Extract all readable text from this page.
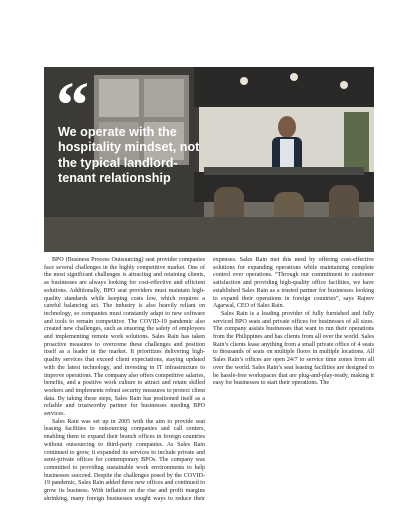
“
We operate with the hospitality mindset, not the typical landlord-tenant relationship

BPO (Business Process Outsourcing) seat provider companies face several challenges in the highly competitive market. One of the most significant challenges is attracting and retaining clients, as businesses are always looking for cost-effective and efficient solutions. Additionally, BPO seat providers must maintain high-quality standards while keeping costs low, which requires a careful balancing act. The industry is also heavily reliant on technology, so companies must constantly adapt to new software and tools to remain competitive. The COVID-19 pandemic also created new challenges, such as ensuring the safety of employees and implementing remote work solutions. Sales Rain has taken proactive measures to overcome these challenges and position itself as a leader in the market. It prioritizes delivering high-quality services that exceed client expectations, staying updated with the latest technology, and investing in IT infrastructure to improve operations. The company also offers competitive salaries, benefits, and a positive work culture to attract and retain skilled workers and implements robust security measures to protect client data. By taking these steps, Sales Rain has positioned itself as a reliable and trustworthy partner for businesses needing BPO services.

Sales Rain was set up in 2005 with the aim to provide seat leasing facilities to outsourcing companies and call centers, enabling them to expand their branch offices in foreign countries without outsourcing to third-party companies. As Sales Rain continued to grow, it expanded its services to include private and semi-private offices for contemporary BPOs. The company was committed to providing sustainable work environments to help businesses succeed. Despite the challenges posed by the COVID-19 pandemic, Sales Rain added three new offices and continued to grow its business. With inflation on the rise and profit margins shrinking, many foreign businesses sought ways to reduce their expenses. Sales Rain met this need by offering cost-effective solutions for expanding operations while maintaining complete control over operations. “Through our commitment to customer satisfaction and providing high-quality office facilities, we have established Sales Rain as a trusted partner for businesses looking to expand their operations in foreign countries”, says Rajeev Agarwal, CEO of Sales Rain.

Sales Rain is a leading provider of fully furnished and fully serviced BPO seats and private offices for businesses of all sizes. The company assists businesses that want to run their operations from the Philippines and has clients from all over the world. Sales Rain’s clients lease anything from a small private office of 4 seats to thousands of seats on multiple floors in multiple locations. All Sales Rain’s offices are open 24/7 to service time zones from all over the world. Sales Rain’s seat leasing facilities are designed to be hassle-free workspaces that are plug-and-play-ready, making it easy for businesses to start their operations. The
